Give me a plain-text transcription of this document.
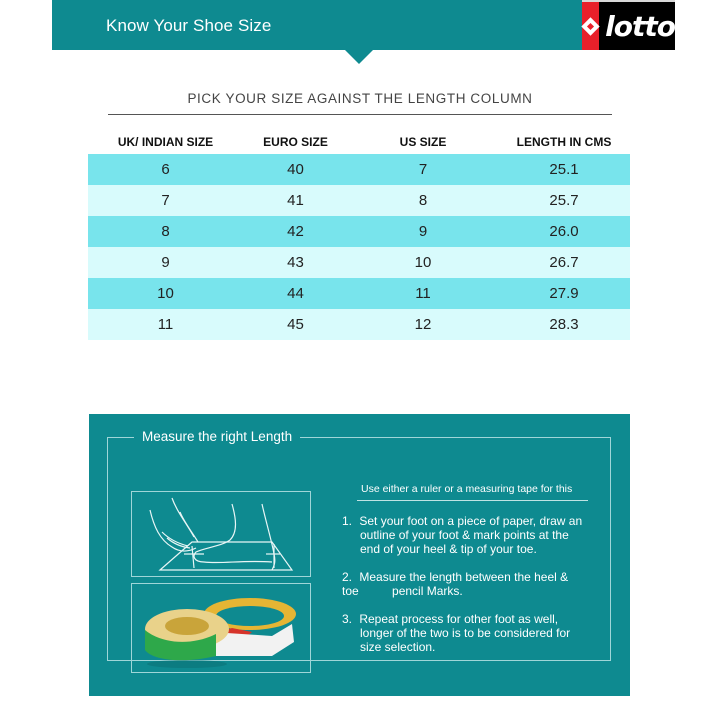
Know Your Shoe Size	lotto
PICK YOUR SIZE AGAINST THE LENGTH COLUMN
UK/ INDIAN SIZE	EURO SIZE	US SIZE	LENGTH IN CMS
6	40	7	25.1
7	41	8	25.7
8	42	9	26.0
9	43	10	26.7
10	44	11	27.9
11	45	12	28.3
Measure the right Length
Use either a ruler or a measuring tape for this
1. Set your foot on a piece of paper, draw an
outline of your foot & mark points at the
end of your heel & tip of your toe.
2. Measure the length between the heel &
toe          pencil Marks.
3. Repeat process for other foot as well,
longer of the two is to be considered for
size selection.
